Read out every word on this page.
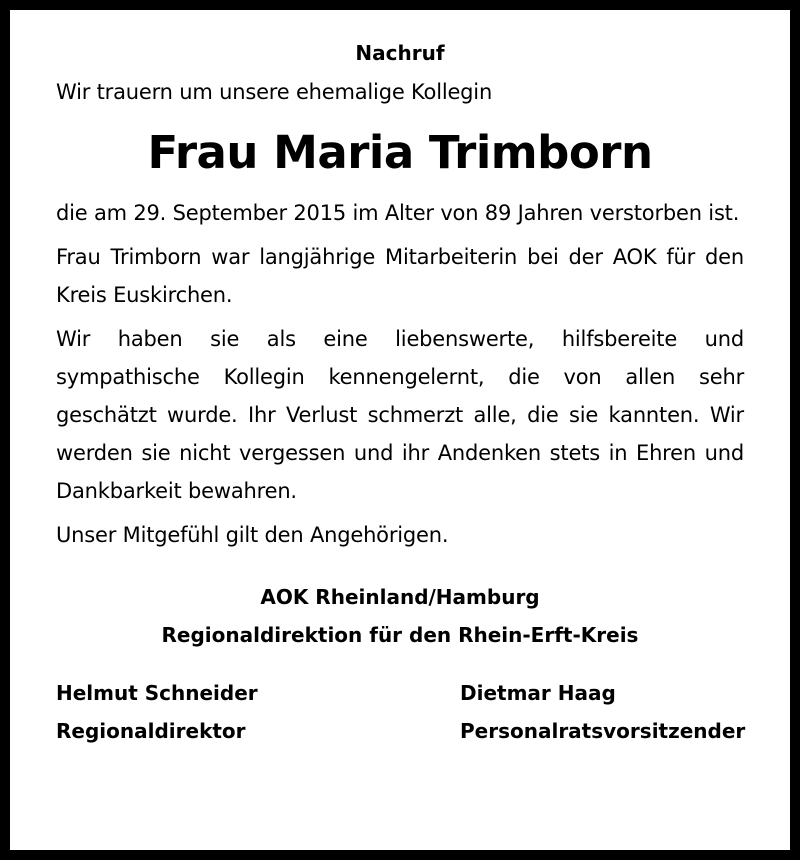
Nachruf

Wir trauern um unsere ehemalige Kollegin

Frau Maria Trimborn

die am 29. September 2015 im Alter von 89 Jahren verstorben ist.

Frau Trimborn war langjährige Mitarbeiterin bei der AOK für den Kreis Euskirchen.

Wir haben sie als eine liebenswerte, hilfsbereite und sympathische Kollegin kennengelernt, die von allen sehr geschätzt wurde. Ihr Verlust schmerzt alle, die sie kannten. Wir werden sie nicht vergessen und ihr Andenken stets in Ehren und Dankbarkeit bewahren.

Unser Mitgefühl gilt den Angehörigen.

AOK Rheinland/Hamburg

Regionaldirektion für den Rhein-Erft-Kreis

Helmut Schneider
Regionaldirektor
Dietmar Haag
Personalratsvorsitzender
